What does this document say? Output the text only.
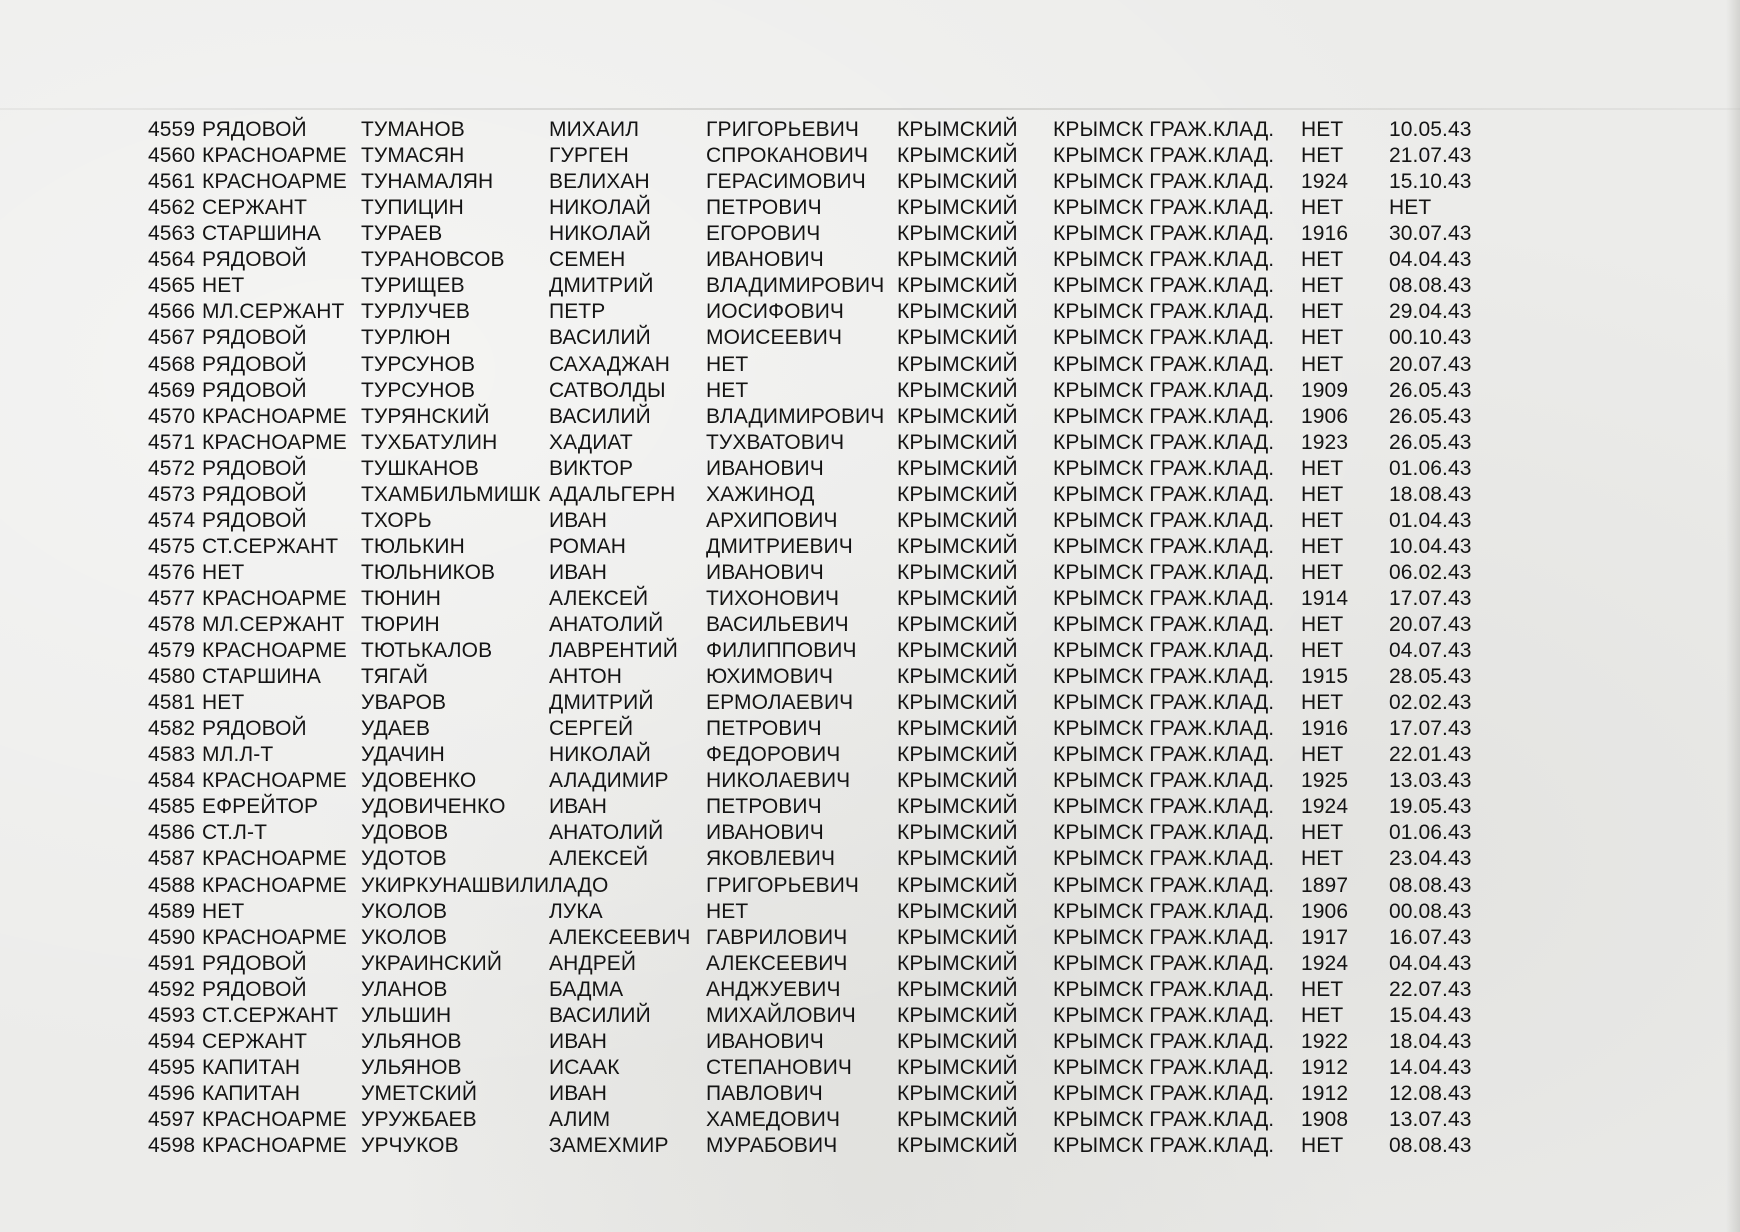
4559 РЯДОВОЙ	ТУМАНОВ	МИХАИЛ	ГРИГОРЬЕВИЧ КРЫМСКИЙ КРЫМСК ГРАЖ.КЛАД. НЕТ 10.05.43
4560 КРАСНОАРМЕ ТУМАСЯН	ГУРГЕН	СПРОКАНОВИЧ КРЫМСКИЙ КРЫМСК ГРАЖ.КЛАД. НЕТ 21.07.43
4561 КРАСНОАРМЕ ТУНАМАЛЯН	ВЕЛИХАН	ГЕРАСИМОВИЧ КРЫМСКИЙ КРЫМСК ГРАЖ.КЛАД. 1924 15.10.43
4562 СЕРЖАНТ	ТУПИЦИН	НИКОЛАЙ	ПЕТРОВИЧ	КРЫМСКИЙ КРЫМСК ГРАЖ.КЛАД. НЕТ НЕТ
4563 СТАРШИНА ТУРАЕВ	НИКОЛАЙ	ЕГОРОВИЧ	КРЫМСКИЙ КРЫМСК ГРАЖ.КЛАД. 1916 30.07.43
4564 РЯДОВОЙ	ТУРАНОВСОВ СЕМЕН	ИВАНОВИЧ	КРЫМСКИЙ КРЫМСК ГРАЖ.КЛАД. НЕТ 04.04.43
4565 НЕТ	ТУРИЩЕВ	ДМИТРИЙ ВЛАДИМИРОВИЧ КРЫМСКИЙ КРЫМСК ГРАЖ.КЛАД. НЕТ 08.08.43
4566 МЛ.СЕРЖАНТ ТУРЛУЧЕВ	ПЕТР	ИОСИФОВИЧ	КРЫМСКИЙ КРЫМСК ГРАЖ.КЛАД. НЕТ 29.04.43
4567 РЯДОВОЙ	ТУРЛЮН	ВАСИЛИЙ	МОИСЕЕВИЧ	КРЫМСКИЙ КРЫМСК ГРАЖ.КЛАД. НЕТ 00.10.43
4568 РЯДОВОЙ	ТУРСУНОВ	САХАДЖАН НЕТ	КРЫМСКИЙ КРЫМСК ГРАЖ.КЛАД. НЕТ 20.07.43
4569 РЯДОВОЙ	ТУРСУНОВ	САТВОЛДЫ НЕТ	КРЫМСКИЙ КРЫМСК ГРАЖ.КЛАД. 1909 26.05.43
4570 КРАСНОАРМЕ ТУРЯНСКИЙ	ВАСИЛИЙ	ВЛАДИМИРОВИЧ КРЫМСКИЙ КРЫМСК ГРАЖ.КЛАД. 1906 26.05.43
4571 КРАСНОАРМЕ ТУХБАТУЛИН ХАДИАТ	ТУХВАТОВИЧ	КРЫМСКИЙ КРЫМСК ГРАЖ.КЛАД. 1923 26.05.43
4572 РЯДОВОЙ	ТУШКАНОВ	ВИКТОР	ИВАНОВИЧ	КРЫМСКИЙ КРЫМСК ГРАЖ.КЛАД. НЕТ 01.06.43
4573 РЯДОВОЙ	ТХАМБИЛЬМИШК АДАЛЬГЕРН ХАЖИНОД	КРЫМСКИЙ КРЫМСК ГРАЖ.КЛАД. НЕТ 18.08.43
4574 РЯДОВОЙ	ТХОРЬ	ИВАН	АРХИПОВИЧ	КРЫМСКИЙ КРЫМСК ГРАЖ.КЛАД. НЕТ 01.04.43
4575 СТ.СЕРЖАНТ ТЮЛЬКИН	РОМАН	ДМИТРИЕВИЧ КРЫМСКИЙ КРЫМСК ГРАЖ.КЛАД. НЕТ 10.04.43
4576 НЕТ	ТЮЛЬНИКОВ	ИВАН	ИВАНОВИЧ	КРЫМСКИЙ КРЫМСК ГРАЖ.КЛАД. НЕТ 06.02.43
4577 КРАСНОАРМЕ ТЮНИН	АЛЕКСЕЙ	ТИХОНОВИЧ	КРЫМСКИЙ КРЫМСК ГРАЖ.КЛАД. 1914 17.07.43
4578 МЛ.СЕРЖАНТ ТЮРИН	АНАТОЛИЙ ВАСИЛЬЕВИЧ КРЫМСКИЙ КРЫМСК ГРАЖ.КЛАД. НЕТ 20.07.43
4579 КРАСНОАРМЕ ТЮТЬКАЛОВ	ЛАВРЕНТИЙ ФИЛИППОВИЧ КРЫМСКИЙ КРЫМСК ГРАЖ.КЛАД. НЕТ 04.07.43
4580 СТАРШИНА ТЯГАЙ	АНТОН	ЮХИМОВИЧ	КРЫМСКИЙ КРЫМСК ГРАЖ.КЛАД. 1915 28.05.43
4581 НЕТ	УВАРОВ	ДМИТРИЙ ЕРМОЛАЕВИЧ КРЫМСКИЙ КРЫМСК ГРАЖ.КЛАД. НЕТ 02.02.43
4582 РЯДОВОЙ	УДАЕВ	СЕРГЕЙ	ПЕТРОВИЧ	КРЫМСКИЙ КРЫМСК ГРАЖ.КЛАД. 1916 17.07.43
4583 МЛ.Л-Т	УДАЧИН	НИКОЛАЙ	ФЕДОРОВИЧ	КРЫМСКИЙ КРЫМСК ГРАЖ.КЛАД. НЕТ 22.01.43
4584 КРАСНОАРМЕ УДОВЕНКО	АЛАДИМИР НИКОЛАЕВИЧ КРЫМСКИЙ КРЫМСК ГРАЖ.КЛАД. 1925 13.03.43
4585 ЕФРЕЙТОР УДОВИЧЕНКО ИВАН	ПЕТРОВИЧ	КРЫМСКИЙ КРЫМСК ГРАЖ.КЛАД. 1924 19.05.43
4586 СТ.Л-Т	УДОВОВ	АНАТОЛИЙ ИВАНОВИЧ	КРЫМСКИЙ КРЫМСК ГРАЖ.КЛАД. НЕТ 01.06.43
4587 КРАСНОАРМЕ УДОТОВ	АЛЕКСЕЙ	ЯКОВЛЕВИЧ	КРЫМСКИЙ КРЫМСК ГРАЖ.КЛАД. НЕТ 23.04.43
4588 КРАСНОАРМЕ УКИРКУНАШВИЛИ ЛАДО	ГРИГОРЬЕВИЧ КРЫМСКИЙ КРЫМСК ГРАЖ.КЛАД. 1897 08.08.43
4589 НЕТ	УКОЛОВ	ЛУКА	НЕТ	КРЫМСКИЙ КРЫМСК ГРАЖ.КЛАД. 1906 00.08.43
4590 КРАСНОАРМЕ УКОЛОВ	АЛЕКСЕЕВИЧ ГАВРИЛОВИЧ КРЫМСКИЙ КРЫМСК ГРАЖ.КЛАД. 1917 16.07.43
4591 РЯДОВОЙ	УКРАИНСКИЙ АНДРЕЙ	АЛЕКСЕЕВИЧ КРЫМСКИЙ КРЫМСК ГРАЖ.КЛАД. 1924 04.04.43
4592 РЯДОВОЙ	УЛАНОВ	БАДМА	АНДЖУЕВИЧ	КРЫМСКИЙ КРЫМСК ГРАЖ.КЛАД. НЕТ 22.07.43
4593 СТ.СЕРЖАНТ УЛЬШИН	ВАСИЛИЙ	МИХАЙЛОВИЧ КРЫМСКИЙ КРЫМСК ГРАЖ.КЛАД. НЕТ 15.04.43
4594 СЕРЖАНТ	УЛЬЯНОВ	ИВАН	ИВАНОВИЧ	КРЫМСКИЙ КРЫМСК ГРАЖ.КЛАД. 1922 18.04.43
4595 КАПИТАН	УЛЬЯНОВ	ИСААК	СТЕПАНОВИЧ КРЫМСКИЙ КРЫМСК ГРАЖ.КЛАД. 1912 14.04.43
4596 КАПИТАН	УМЕТСКИЙ	ИВАН	ПАВЛОВИЧ	КРЫМСКИЙ КРЫМСК ГРАЖ.КЛАД. 1912 12.08.43
4597 КРАСНОАРМЕ УРУЖБАЕВ	АЛИМ	ХАМЕДОВИЧ	КРЫМСКИЙ КРЫМСК ГРАЖ.КЛАД. 1908 13.07.43
4598 КРАСНОАРМЕ УРЧУКОВ	ЗАМЕХМИР МУРАБОВИЧ	КРЫМСКИЙ КРЫМСК ГРАЖ.КЛАД. НЕТ 08.08.43
